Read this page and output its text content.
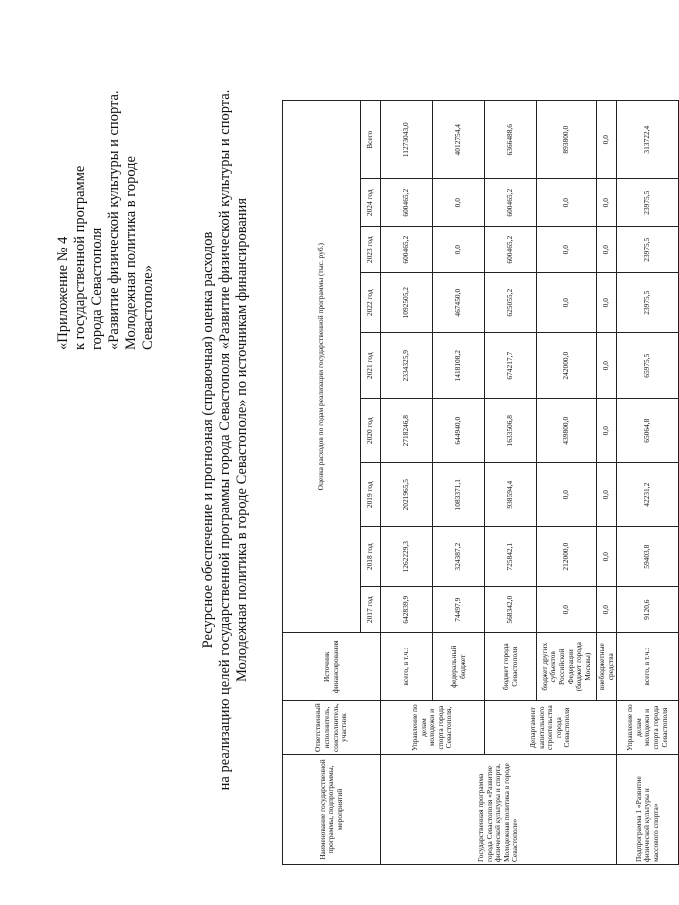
«Приложение № 4 к государственной программе города Севастополя «Развитие физической культуры и спорта. Молодежная политика в городе Севастополе»	Ресурсное обеспечение и прогнозная (справочная) оценка расходов на реализацию целей государственной программы города Севастополя «Развитие физической культуры и спорта. Молодежная политика в городе Севастополе» по источникам финансирования
Наименование государственной программы, подпрограммы, мероприятий	Ответственный исполнитель, соисполнитель, участник	Источник финансирования	Оценка расходов по годам реализации государственной программы (тыс. руб.)								
			2017 год	2018 год	2019 год	2020 год	2021 год	2022 год	2023 год	2024 год	Всего
Государственная программа города Севастополя «Развитие физической культуры и спорта. Молодежная политика в городе Севастополе»	Управление по делам молодежи и спорта города Севастополя,	всего, в т.ч.:	642839,9	1262229,3	2021965,5	2718246,8	2334325,9	1092505,2	600465,2	600465,2	11273043,0
		федеральный бюджет	74497,9	324387,2	1083371,1	644940,0	1418108,2	467450,0	0,0	0,0	4012754,4
	Департамент капитального строительства города Севастополя	бюджет города Севастополя	568342,0	725842,1	938594,4	1633506,8	674217,7	625055,2	600465,2	600465,2	6366488,6
		бюджет других субъектов Российской Федерации (бюджет города Москвы)	0,0	212000,0	0,0	439800,0	242000,0	0,0	0,0	0,0	893800,0
		внебюджетные средства	0,0	0,0	0,0	0,0	0,0	0,0	0,0	0,0	0,0
Подпрограмма 1 «Развитие физической культуры и массового спорта»	Управление по делам молодежи и спорта города Севастополя	всего, в т.ч.:	9120,6	59403,8	42231,2	65064,8	65975,5	23975,5	23975,5	23975,5	313722,4
